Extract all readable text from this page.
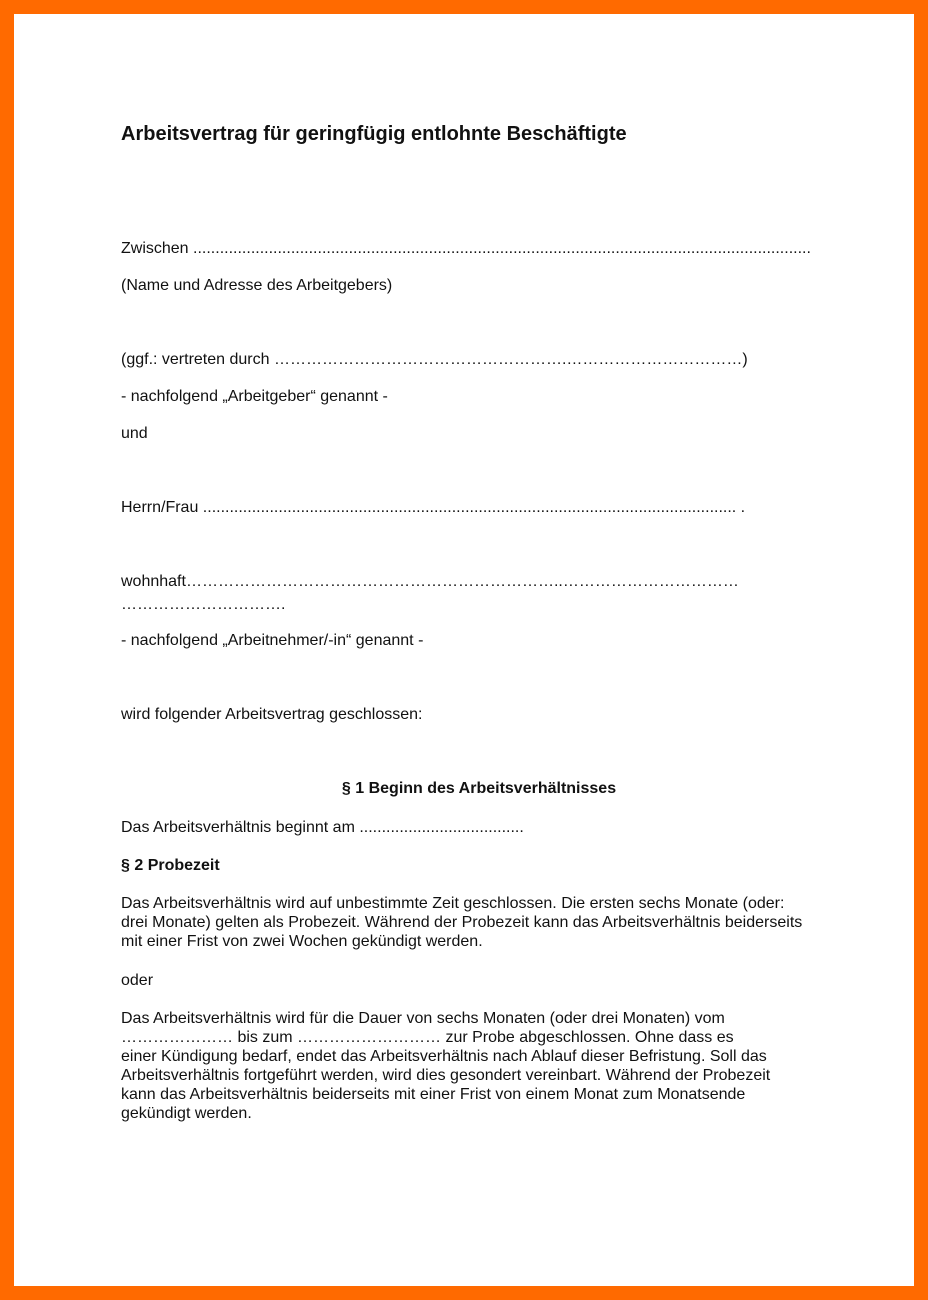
Arbeitsvertrag für geringfügig entlohnte Beschäftigte
Zwischen ...........................................................................................................................................
(Name und Adresse des Arbeitgebers)
(ggf.: vertreten durch ……………………………………………….……………………………)
- nachfolgend „Arbeitgeber“ genannt -
und
Herrn/Frau ........................................................................................................................ .
wohnhaft……………………………………………………………..……………………………
………………………….
- nachfolgend „Arbeitnehmer/-in“ genannt -
wird folgender Arbeitsvertrag geschlossen:
§ 1 Beginn des Arbeitsverhältnisses
Das Arbeitsverhältnis beginnt am .....................................
§ 2 Probezeit
Das Arbeitsverhältnis wird auf unbestimmte Zeit geschlossen. Die ersten sechs Monate (oder: drei Monate) gelten als Probezeit. Während der Probezeit kann das Arbeitsverhältnis beiderseits mit einer Frist von zwei Wochen gekündigt werden.
oder
Das Arbeitsverhältnis wird für die Dauer von sechs Monaten (oder drei Monaten) vom
………………… bis zum ……………………… zur Probe abgeschlossen. Ohne dass es
einer Kündigung bedarf, endet das Arbeitsverhältnis nach Ablauf dieser Befristung. Soll das
Arbeitsverhältnis fortgeführt werden, wird dies gesondert vereinbart. Während der Probezeit
kann das Arbeitsverhältnis beiderseits mit einer Frist von einem Monat zum Monatsende
gekündigt werden.
